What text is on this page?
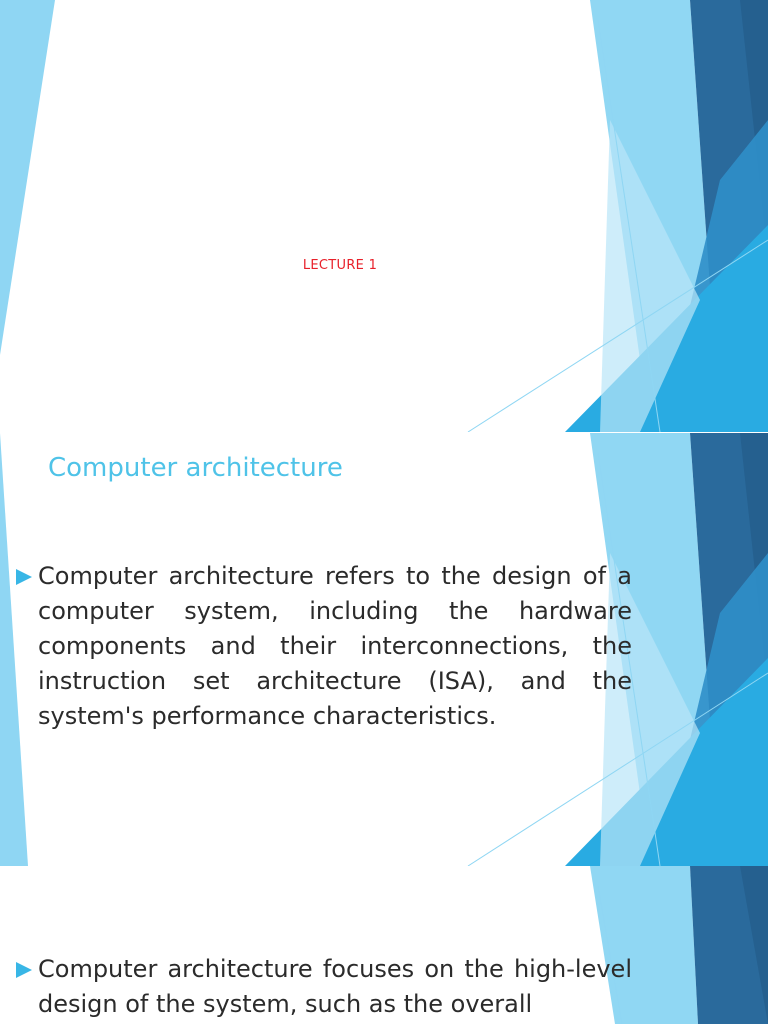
LECTURE 1
Computer architecture
Computer architecture refers to the design of a computer system, including the hardware components and their interconnections, the instruction set architecture (ISA), and the system's performance characteristics.
Computer architecture focuses on the high-level design of the system, such as the overall
